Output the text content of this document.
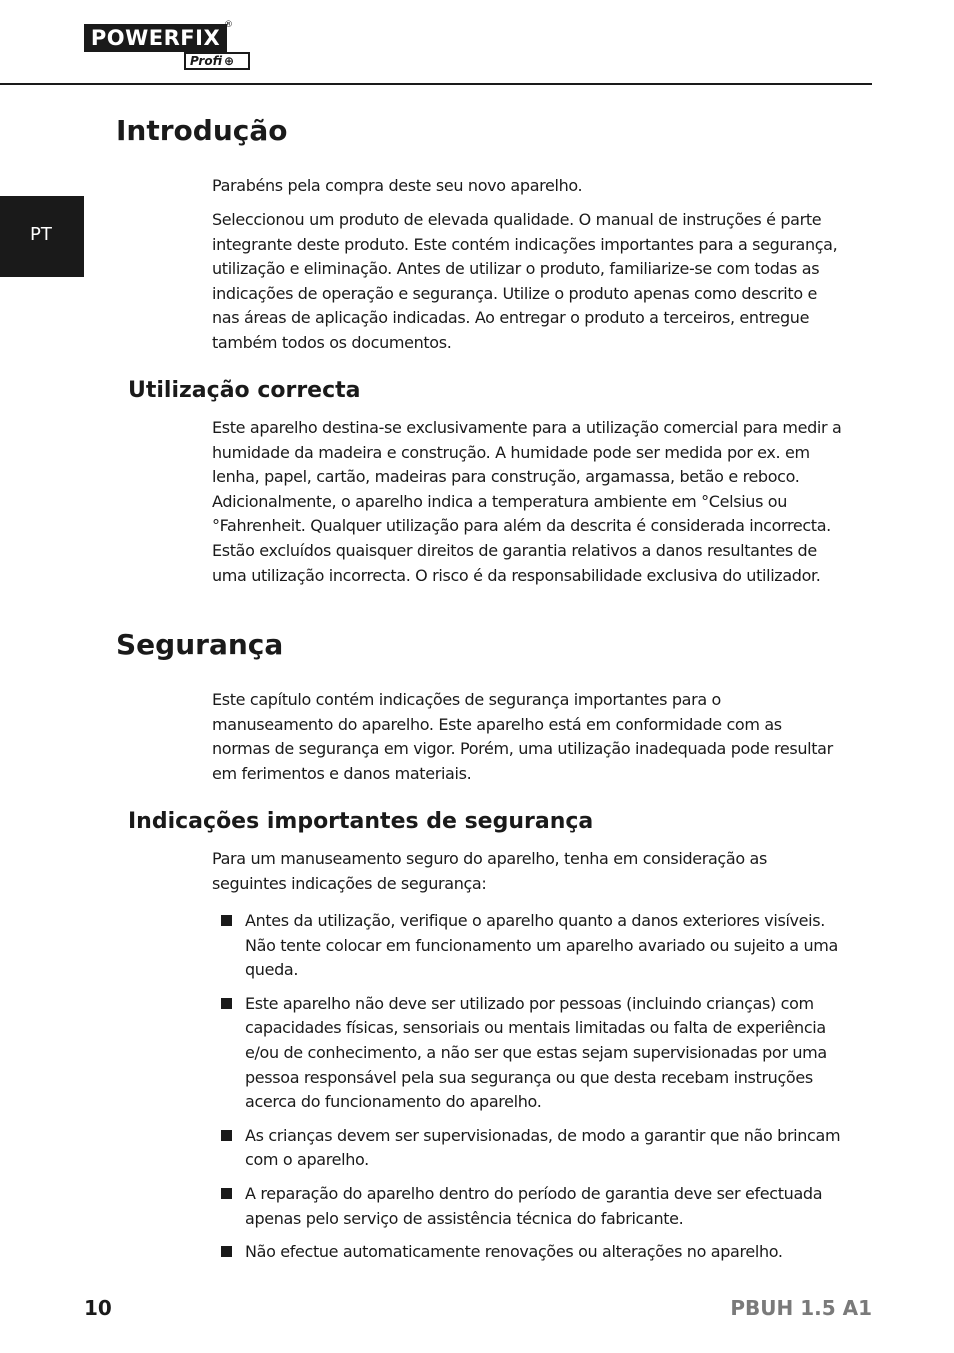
POWERFIX
®
Profi ⊕
PT
Introdução

Parabéns pela compra deste seu novo aparelho.

Seleccionou um produto de elevada qualidade. O manual de instruções é parte integrante deste produto. Este contém indicações importantes para a segurança, utilização e eliminação. Antes de utilizar o produto, familiarize-se com todas as indicações de operação e segurança. Utilize o produto apenas como descrito e nas áreas de aplicação indicadas. Ao entregar o produto a terceiros, entregue também todos os documentos.

Utilização correcta

Este aparelho destina-se exclusivamente para a utilização comercial para medir a humidade da madeira e construção. A humidade pode ser medida por ex. em lenha, papel, cartão, madeiras para construção, argamassa, betão e reboco. Adicionalmente, o aparelho indica a temperatura ambiente em °Celsius ou °Fahrenheit. Qualquer utilização para além da descrita é considerada incorrecta. Estão excluídos quaisquer direitos de garantia relativos a danos resultantes de uma utilização incorrecta. O risco é da responsabilidade exclusiva do utilizador.

Segurança

Este capítulo contém indicações de segurança importantes para o manuseamento do aparelho. Este aparelho está em conformidade com as normas de segurança em vigor. Porém, uma utilização inadequada pode resultar em ferimentos e danos materiais.

Indicações importantes de segurança

Para um manuseamento seguro do aparelho, tenha em consideração as seguintes indicações de segurança:

Antes da utilização, verifique o aparelho quanto a danos exteriores visíveis. Não tente colocar em funcionamento um aparelho avariado ou sujeito a uma queda.
Este aparelho não deve ser utilizado por pessoas (incluindo crianças) com capacidades físicas, sensoriais ou mentais limitadas ou falta de experiência e/ou de conhecimento, a não ser que estas sejam supervisionadas por uma pessoa responsável pela sua segurança ou que desta recebam instruções acerca do funcionamento do aparelho.
As crianças devem ser supervisionadas, de modo a garantir que não brincam com o aparelho.
A reparação do aparelho dentro do período de garantia deve ser efectuada apenas pelo serviço de assistência técnica do fabricante.
Não efectue automaticamente renovações ou alterações no aparelho.
10	PBUH 1.5 A1
